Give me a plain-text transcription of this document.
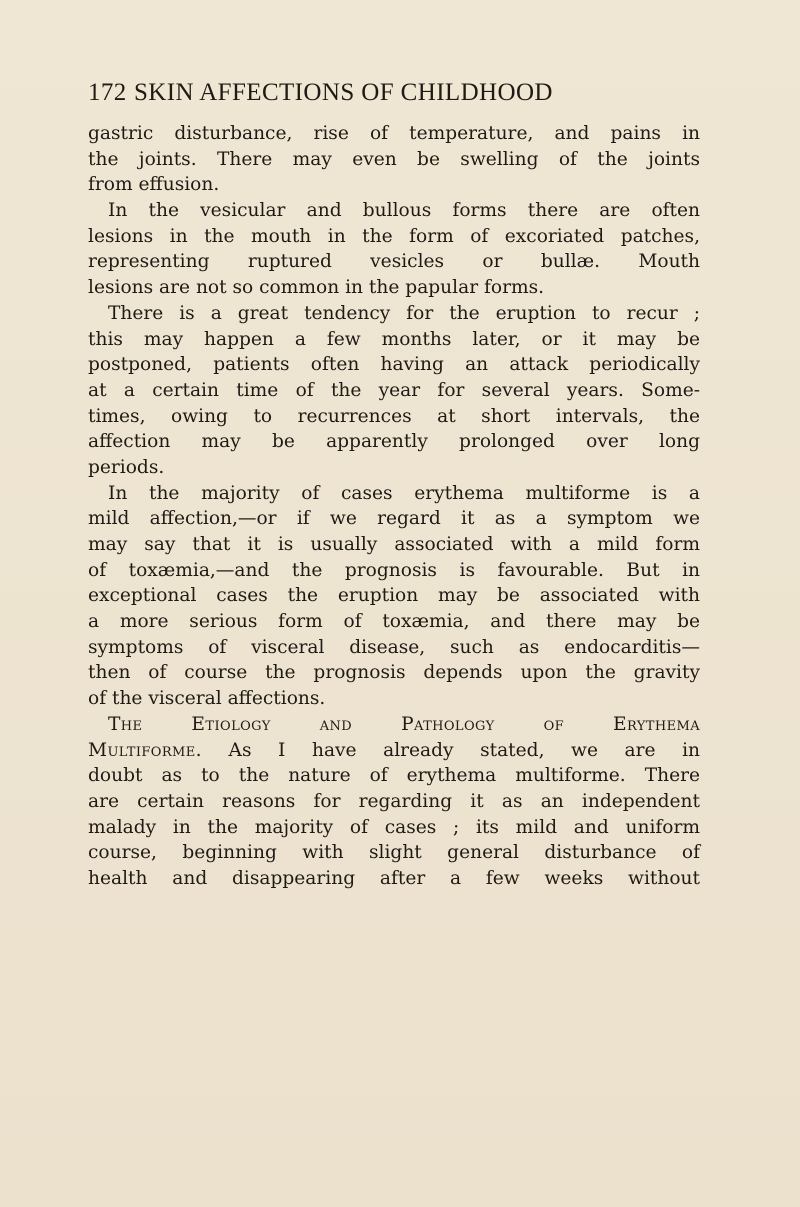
172 SKIN AFFECTIONS OF CHILDHOOD
gastric disturbance, rise of temperature, and pains in
the joints. There may even be swelling of the joints
from effusion.
In the vesicular and bullous forms there are often
lesions in the mouth in the form of excoriated patches,
representing ruptured vesicles or bullæ. Mouth
lesions are not so common in the papular forms.
There is a great tendency for the eruption to recur ;
this may happen a few months later, or it may be
postponed, patients often having an attack periodically
at a certain time of the year for several years. Some-
times, owing to recurrences at short intervals, the
affection may be apparently prolonged over long
periods.
In the majority of cases erythema multiforme is a
mild affection,—or if we regard it as a symptom we
may say that it is usually associated with a mild form
of toxæmia,—and the prognosis is favourable. But in
exceptional cases the eruption may be associated with
a more serious form of toxæmia, and there may be
symptoms of visceral disease, such as endocarditis—
then of course the prognosis depends upon the gravity
of the visceral affections.
The Etiology and Pathology of Erythema
Multiforme. As I have already stated, we are in
doubt as to the nature of erythema multiforme. There
are certain reasons for regarding it as an independent
malady in the majority of cases ; its mild and uniform
course, beginning with slight general disturbance of
health and disappearing after a few weeks without
